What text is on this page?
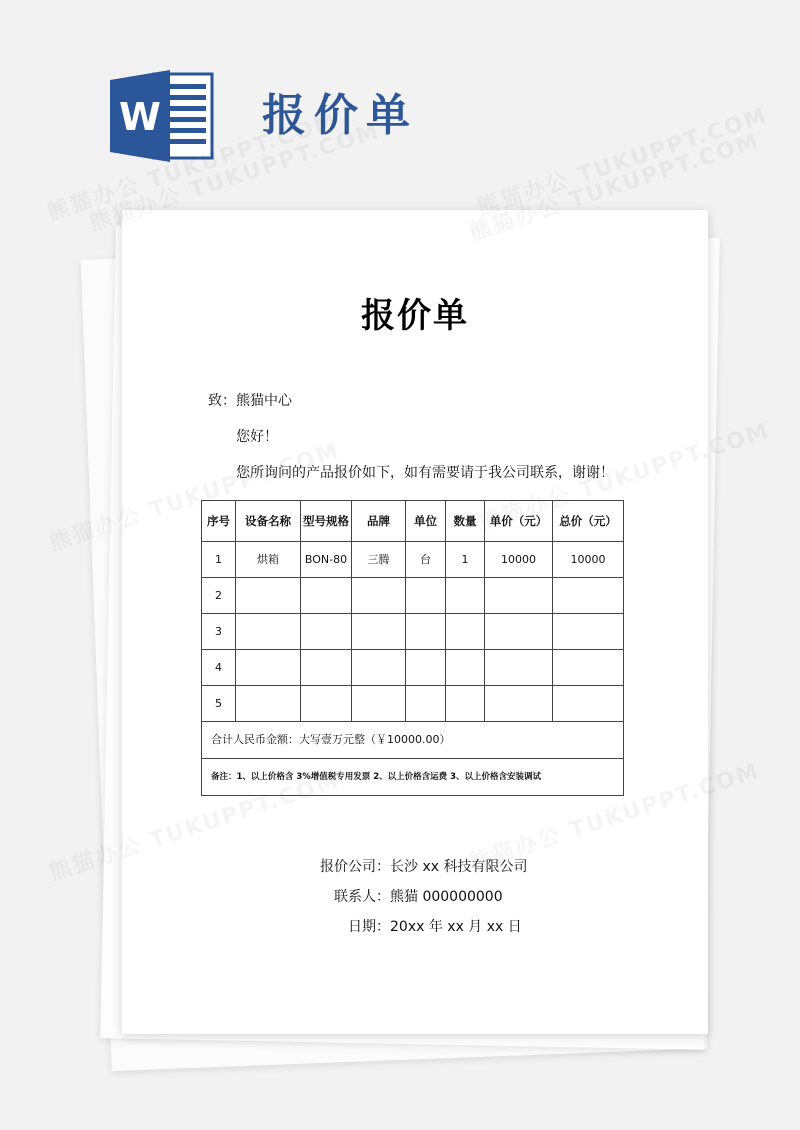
W 报价单
报价单
致：熊猫中心
您好！
您所询问的产品报价如下，如有需要请于我公司联系，谢谢！
序号	设备名称	型号规格	品牌	单位	数量	单价（元）	总价（元）
1	烘箱	BON-80	三腾	台	1	10000	10000
2							
3							
4							
5							
合计人民币金额：大写壹万元整（￥10000.00）							
备注：1、以上价格含 3%增值税专用发票 2、以上价格含运费 3、以上价格含安装调试							
报价公司：长沙 xx 科技有限公司
联系人：熊猫 000000000
日期：20xx 年 xx 月 xx 日
